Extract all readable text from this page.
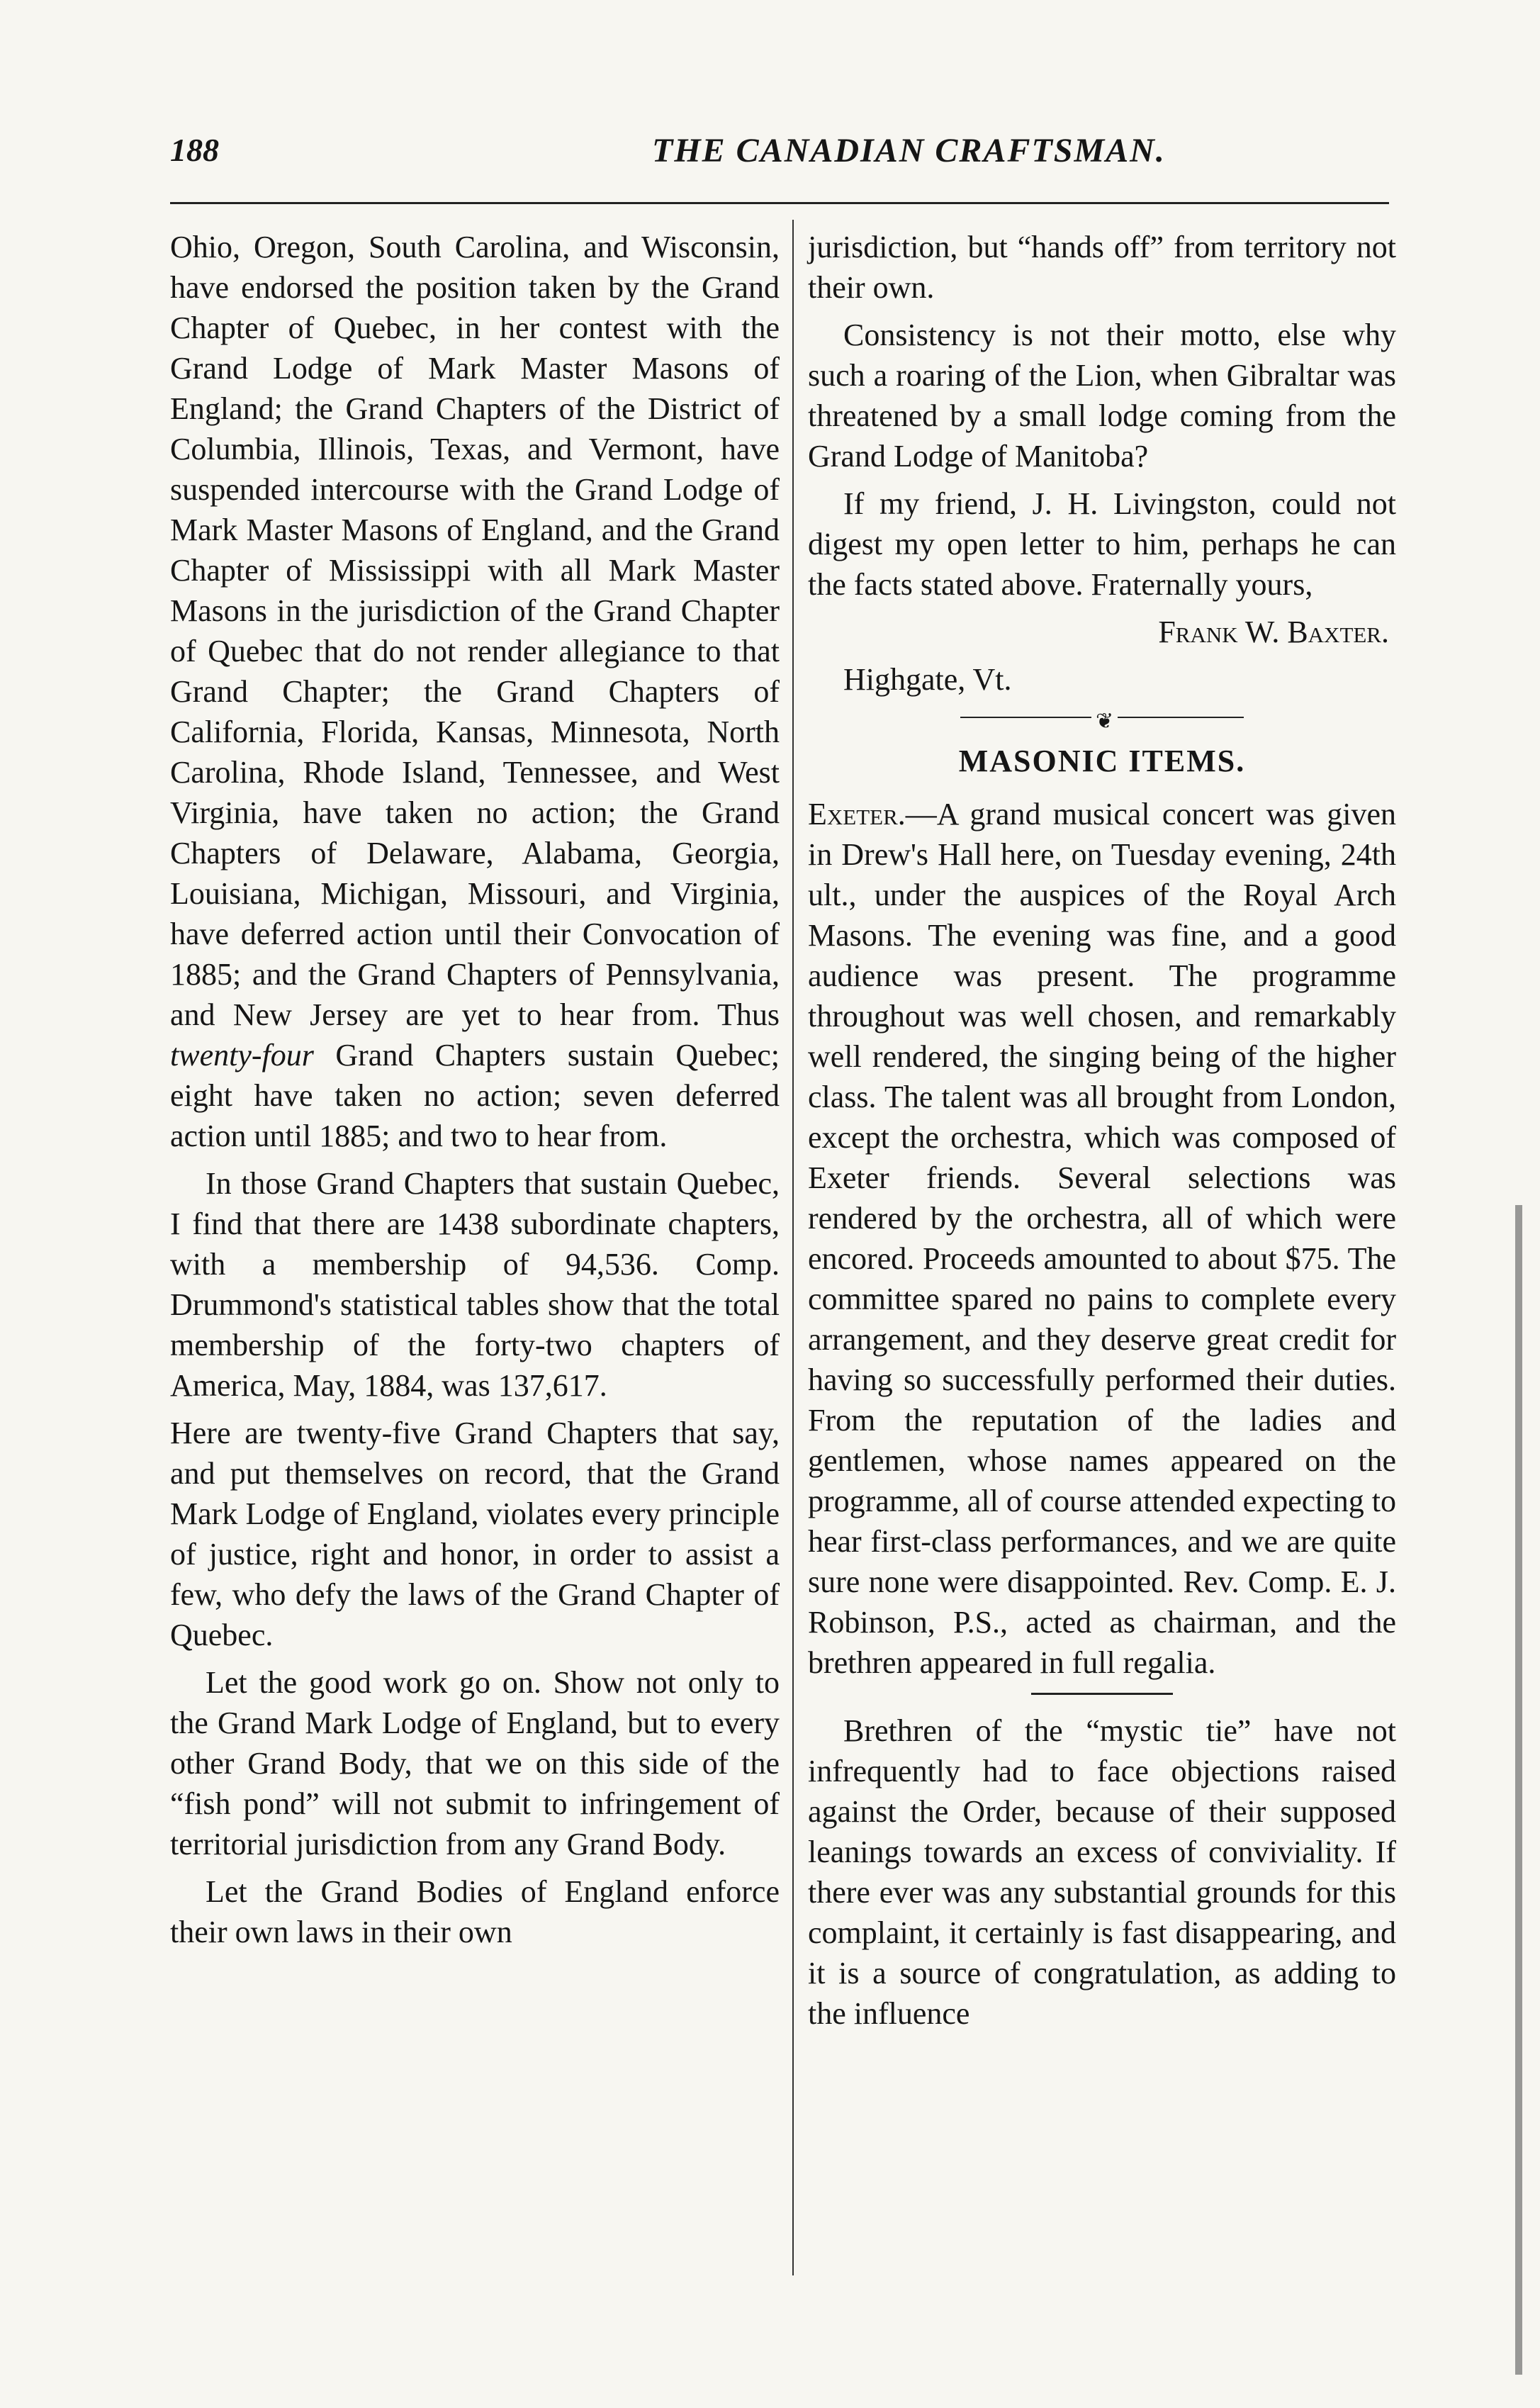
188	THE CANADIAN CRAFTSMAN.

Ohio, Oregon, South Carolina, and Wisconsin, have endorsed the position taken by the Grand Chapter of Quebec, in her contest with the Grand Lodge of Mark Master Masons of England; the Grand Chapters of the District of Columbia, Illinois, Texas, and Vermont, have suspended intercourse with the Grand Lodge of Mark Master Masons of England, and the Grand Chapter of Mississippi with all Mark Master Masons in the jurisdiction of the Grand Chapter of Quebec that do not render allegiance to that Grand Chapter; the Grand Chapters of California, Florida, Kansas, Minnesota, North Carolina, Rhode Island, Tennessee, and West Virginia, have taken no action; the Grand Chapters of Delaware, Alabama, Georgia, Louisiana, Michigan, Missouri, and Virginia, have deferred action until their Convocation of 1885; and the Grand Chapters of Pennsylvania, and New Jersey are yet to hear from. Thus twenty-four Grand Chapters sustain Quebec; eight have taken no action; seven deferred action until 1885; and two to hear from.

In those Grand Chapters that sustain Quebec, I find that there are 1438 subordinate chapters, with a membership of 94,536. Comp. Drummond's statistical tables show that the total membership of the forty-two chapters of America, May, 1884, was 137,617.

Here are twenty-five Grand Chapters that say, and put themselves on record, that the Grand Mark Lodge of England, violates every principle of justice, right and honor, in order to assist a few, who defy the laws of the Grand Chapter of Quebec.

Let the good work go on. Show not only to the Grand Mark Lodge of England, but to every other Grand Body, that we on this side of the “fish pond” will not submit to infringement of territorial jurisdiction from any Grand Body.

Let the Grand Bodies of England enforce their own laws in their own

jurisdiction, but “hands off” from territory not their own.

Consistency is not their motto, else why such a roaring of the Lion, when Gibraltar was threatened by a small lodge coming from the Grand Lodge of Manitoba?

If my friend, J. H. Livingston, could not digest my open letter to him, perhaps he can the facts stated above. Fraternally yours,

Frank W. Baxter.

Highgate, Vt.

❦
MASONIC ITEMS.

Exeter.—A grand musical concert was given in Drew's Hall here, on Tuesday evening, 24th ult., under the auspices of the Royal Arch Masons. The evening was fine, and a good audience was present. The programme throughout was well chosen, and remarkably well rendered, the singing being of the higher class. The talent was all brought from London, except the orchestra, which was composed of Exeter friends. Several selections was rendered by the orchestra, all of which were encored. Proceeds amounted to about $75. The committee spared no pains to complete every arrangement, and they deserve great credit for having so successfully performed their duties. From the reputation of the ladies and gentlemen, whose names appeared on the programme, all of course attended expecting to hear first-class performances, and we are quite sure none were disappointed. Rev. Comp. E. J. Robinson, P.S., acted as chairman, and the brethren appeared in full regalia.

Brethren of the “mystic tie” have not infrequently had to face objections raised against the Order, because of their supposed leanings towards an excess of conviviality. If there ever was any substantial grounds for this complaint, it certainly is fast disappearing, and it is a source of congratulation, as adding to the influence
